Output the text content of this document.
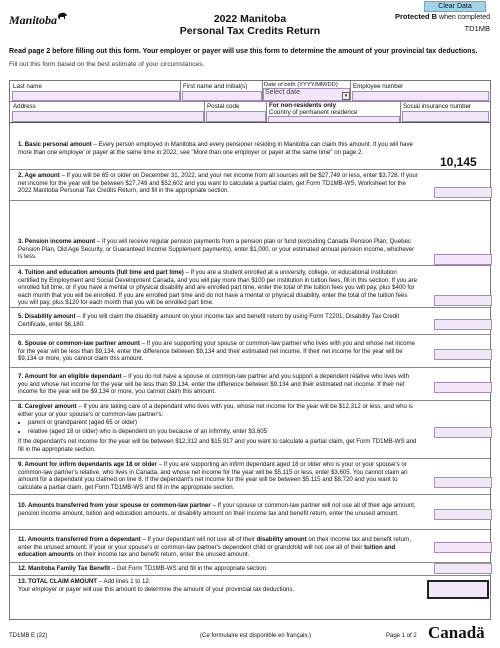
Manitoba	2022 Manitoba
Personal Tax Credits Return
Clear Data
Protected B when completed
TD1MB
Read page 2 before filling out this form. Your employer or payer will use this form to determine the amount of your provincial tax deductions.
Fill out this form based on the best estimate of your circumstances.
Last name	First name and initial(s)	Date of birth (YYYY/MM/DD)
Select date	▾
Employee number
Address	Postal code	For non-residents only
Country of permanent residence
Social insurance number
1. Basic personal amount – Every person employed in Manitoba and every pensioner residing in Manitoba can claim this amount. If you will have more than one employer or payer at the same time in 2022, see "More than one employer or payer at the same time" on page 2.
10,145
2. Age amount – If you will be 65 or older on December 31, 2022, and your net income from all sources will be $27,749 or less, enter $3,728. If your net income for the year will be between $27,749 and $52,602 and you want to calculate a partial claim, get Form TD1MB-WS, Worksheet for the 2022 Manitoba Personal Tax Credits Return, and fill in the appropriate section.
3. Pension income amount – If you will receive regular pension payments from a pension plan or fund (excluding Canada Pension Plan, Quebec Pension Plan, Old Age Security, or Guaranteed Income Supplement payments), enter $1,000, or your estimated annual pension income, whichever is less.
4. Tuition and education amounts (full time and part time) – If you are a student enrolled at a university, college, or educational institution certified by Employment and Social Development Canada, and you will pay more than $100 per institution in tuition fees, fill in this section. If you are enrolled full time, or if you have a mental or physical disability and are enrolled part time, enter the total of the tuition fees you will pay, plus $400 for each month that you will be enrolled. If you are enrolled part time and do not have a mental or physical disability, enter the total of the tuition fees you will pay, plus $120 for each month that you will be enrolled part time.
5. Disability amount – If you will claim the disability amount on your income tax and benefit return by using Form T2201, Disability Tax Credit Certificate, enter $6,180.
6. Spouse or common-law partner amount – If you are supporting your spouse or common-law partner who lives with you and whose net income for the year will be less than $9,134, enter the difference between $9,134 and their estimated net income. If their net income for the year will be $9,134 or more, you cannot claim this amount.
7. Amount for an eligible dependant – If you do not have a spouse or common-law partner and you support a dependent relative who lives with you and whose net income for the year will be less than $9,134, enter the difference between $9,134 and their estimated net income. If their net income for the year will be $9,134 or more, you cannot claim this amount.
8. Caregiver amount – If you are taking care of a dependant who lives with you, whose net income for the year will be $12,312 or less, and who is either your or your spouse's or common-law partner's:
• parent or grandparent (aged 65 or older)
• relative (aged 18 or older) who is dependent on you because of an infirmity, enter $3,605
If the dependant's net income for the year will be between $12,312 and $15,917 and you want to calculate a partial claim, get Form TD1MB-WS and fill in the appropriate section.
9. Amount for infirm dependants age 18 or older – If you are supporting an infirm dependant aged 18 or older who is your or your spouse's or common-law partner's relative, who lives in Canada, and whose net income for the year will be $5,115 or less, enter $3,605. You cannot claim an amount for a dependant you claimed on line 8. If the dependant's net income for the year will be between $5,115 and $8,720 and you want to calculate a partial claim, get Form TD1MB-WS and fill in the appropriate section.
10. Amounts transferred from your spouse or common-law partner – If your spouse or common-law partner will not use all of their age amount, pension income amount, tuition and education amounts, or disability amount on their income tax and benefit return, enter the unused amount.
11. Amounts transferred from a dependant – If your dependant will not use all of their disability amount on their income tax and benefit return, enter the unused amount. If your or your spouse's or common-law partner's dependent child or grandchild will not use all of their tuition and education amounts on their income tax and benefit return, enter the unused amount.
12. Manitoba Family Tax Benefit – Get Form TD1MB-WS and fill in the appropriate section.
13. TOTAL CLAIM AMOUNT – Add lines 1 to 12.
Your employer or payer will use this amount to determine the amount of your provincial tax deductions.
TD1MB E (22)	(Ce formulaire est disponible en français.)	Page 1 of 2 Canadä
